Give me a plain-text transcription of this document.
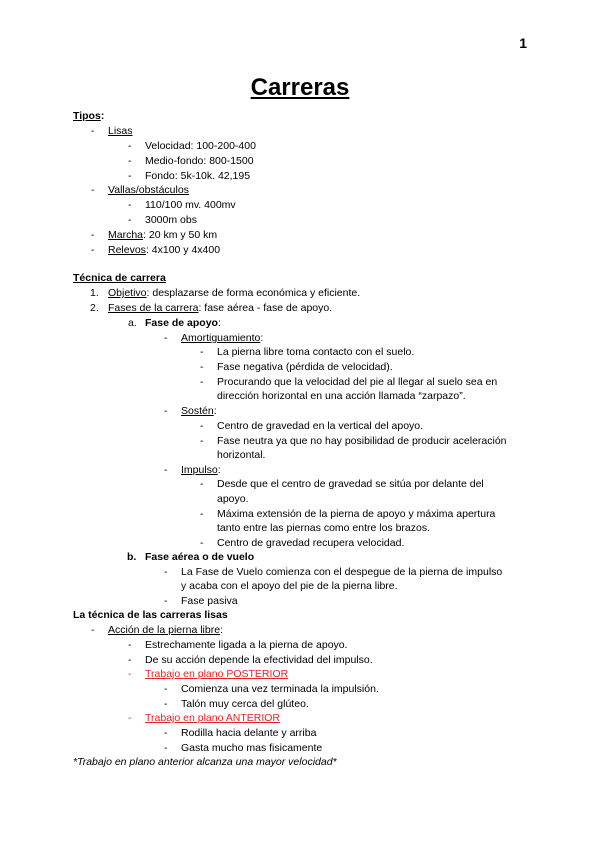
1
Carreras
Tipos:
-	Lisas
-	Velocidad: 100-200-400
-	Medio-fondo: 800-1500
-	Fondo: 5k-10k. 42,195
-	Vallas/obstáculos
-	110/100 mv. 400mv
-	3000m obs
-	Marcha: 20 km y 50 km
-	Relevos: 4x100 y 4x400
Técnica de carrera
1. Objetivo: desplazarse de forma económica y eficiente.
2. Fases de la carrera: fase aérea - fase de apoyo.
a. Fase de apoyo:
-	Amortiguamiento:
-	La pierna libre toma contacto con el suelo.
-	Fase negativa (pérdida de velocidad).
-	Procurando que la velocidad del pie al llegar al suelo sea en
dirección horizontal en una acción llamada “zarpazo”.
-	Sostén:
-	Centro de gravedad en la vertical del apoyo.
-	Fase neutra ya que no hay posibilidad de producir aceleración
horizontal.
-	Impulso:
-	Desde que el centro de gravedad se sitúa por delante del
apoyo.
-	Máxima extensión de la pierna de apoyo y máxima apertura
tanto entre las piernas como entre los brazos.
-	Centro de gravedad recupera velocidad.
b. Fase aérea o de vuelo
-	La Fase de Vuelo comienza con el despegue de la pierna de impulso
y acaba con el apoyo del pie de la pierna libre.
-	Fase pasiva
La técnica de las carreras lisas
-	Acción de la pierna libre:
-	Estrechamente ligada a la pierna de apoyo.
-	De su acción depende la efectividad del impulso.
-	Trabajo en plano POSTERIOR
-	Comienza una vez terminada la impulsión.
-	Talón muy cerca del glúteo.
-	Trabajo en plano ANTERIOR
-	Rodilla hacia delante y arriba
-	Gasta mucho mas fisicamente
*Trabajo en plano anterior alcanza una mayor velocidad*
